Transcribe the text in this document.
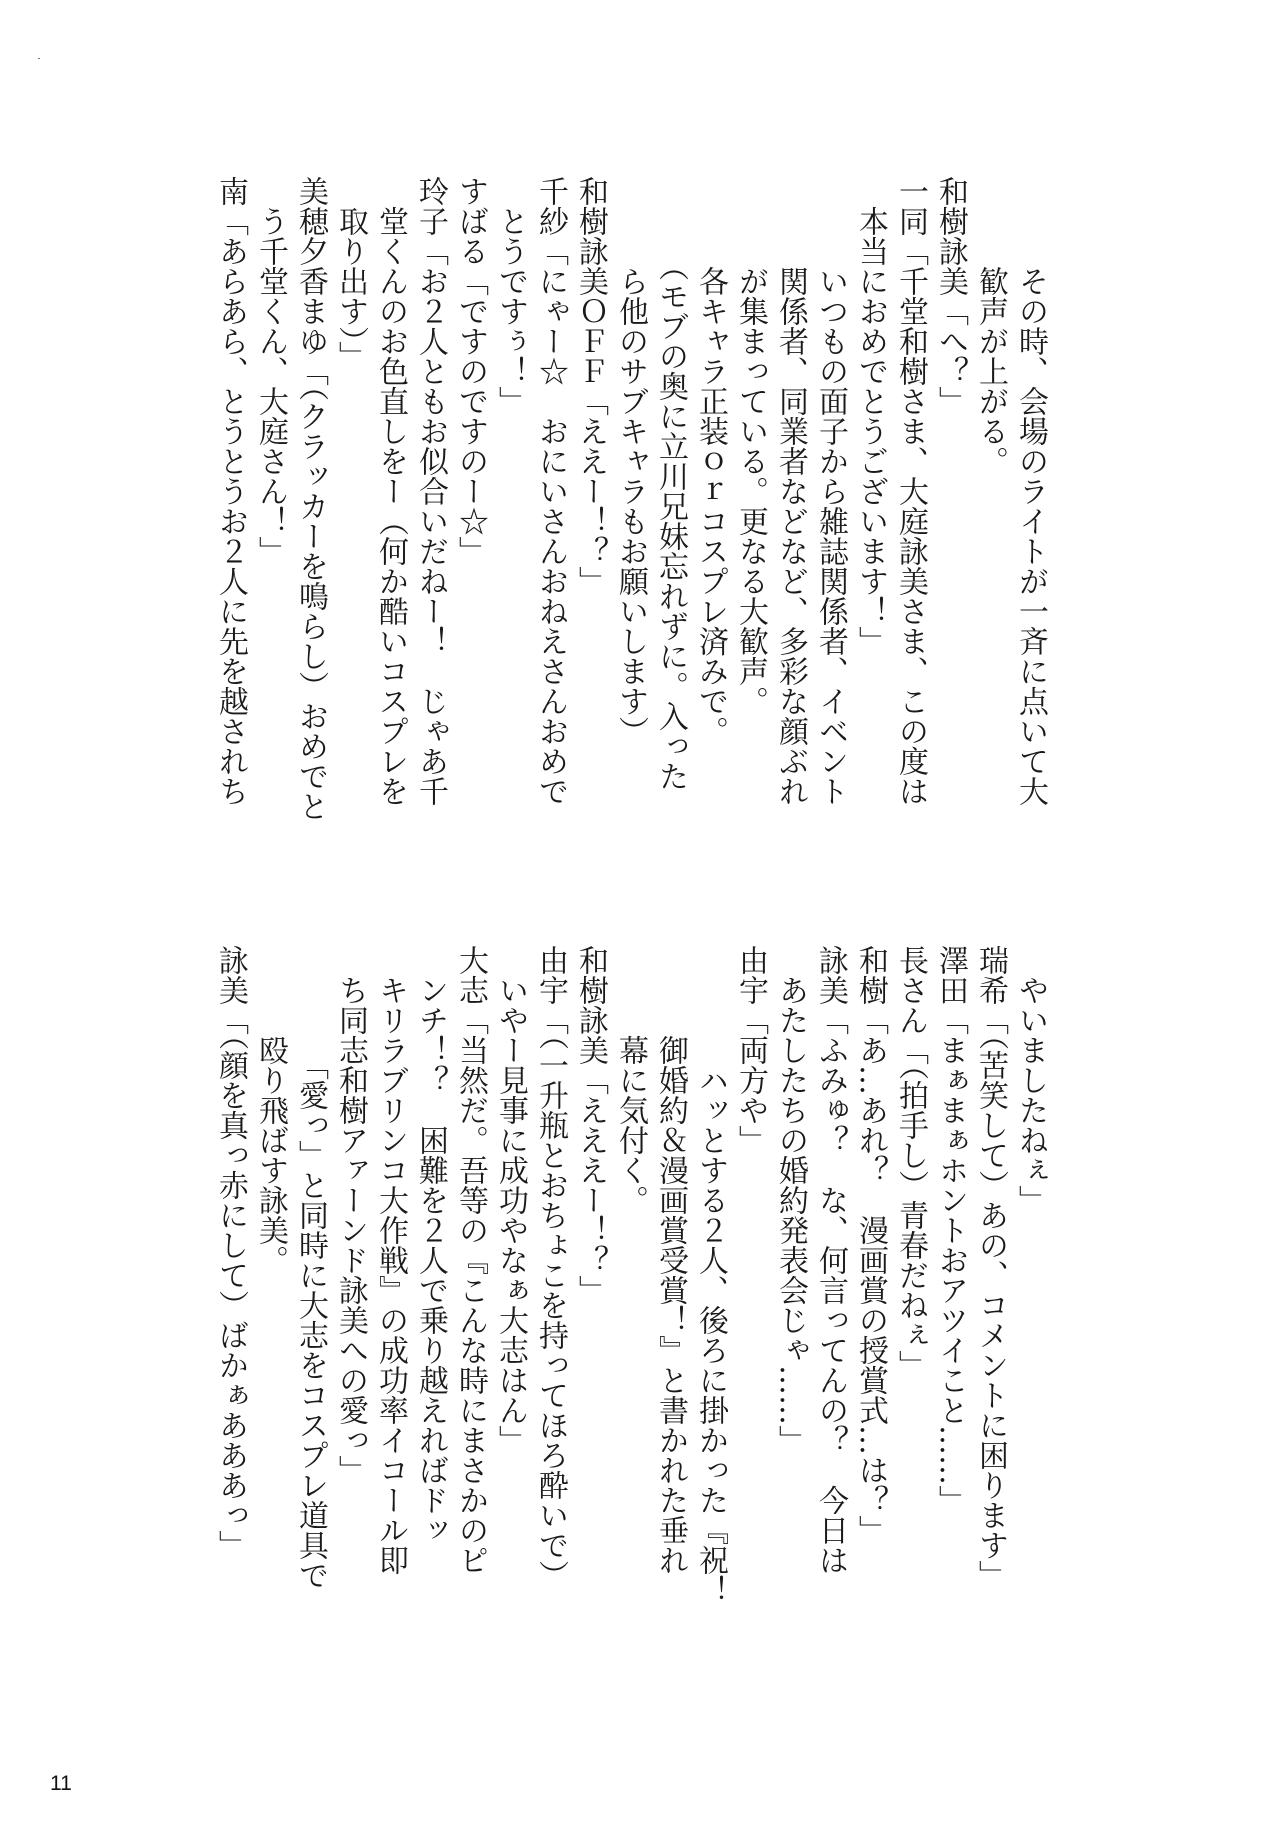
　　　その時、会場のライトが一斉に点いて大
　　　歓声が上がる。
和樹詠美「へ？」
一同「千堂和樹さま、大庭詠美さま、この度は
　本当におめでとうございます！」
　　　いつもの面子から雑誌関係者、イベント
　　　関係者、同業者などなど、多彩な顔ぶれ
　　　が集まっている。更なる大歓声。
　　　各キャラ正装ｏｒコスプレ済みで。
　　　（モブの奥に立川兄妹忘れずに。入った
　　　ら他のサブキャラもお願いします）
和樹詠美ＯＦＦ「ええー！？」
千紗「にゃー☆　おにいさんおねえさんおめで
　とうですぅ！」
すばる「ですのですのー☆」
玲子「お２人ともお似合いだねー！　じゃあ千
　堂くんのお色直しをー（何か酷いコスプレを
　取り出す）」
美穂夕香まゆ「（クラッカーを鳴らし）おめでと
　う千堂くん、大庭さん！」
南「あらあら、とうとうお２人に先を越されち
　やいましたねぇ」
瑞希「（苦笑して）あの、コメントに困ります」
澤田「まぁまぁホントおアツイこと……」
長さん「（拍手し）青春だねぇ」
和樹「あ…あれ？　漫画賞の授賞式…は？」
詠美「ふみゅ？　な、何言ってんの？　今日は
　あたしたちの婚約発表会じゃ……」
由宇「両方や」
　　　　ハッとする２人、後ろに掛かった『祝！
　　　御婚約＆漫画賞受賞！』と書かれた垂れ
　　　幕に気付く。
和樹詠美「えええー！？」
由宇「（一升瓶とおちょこを持ってほろ酔いで）
　いやー見事に成功やなぁ大志はん」
大志「当然だ。吾等の『こんな時にまさかのピ
　ンチ！？　困難を２人で乗り越えればドッ
　キリラブリンコ大作戦』の成功率イコール即
　ち同志和樹アァーンド詠美への愛っ」
　　　　「愛っ」と同時に大志をコスプレ道具で
　　　殴り飛ばす詠美。
詠美「（顔を真っ赤にして）ばかぁあああっ」
11
